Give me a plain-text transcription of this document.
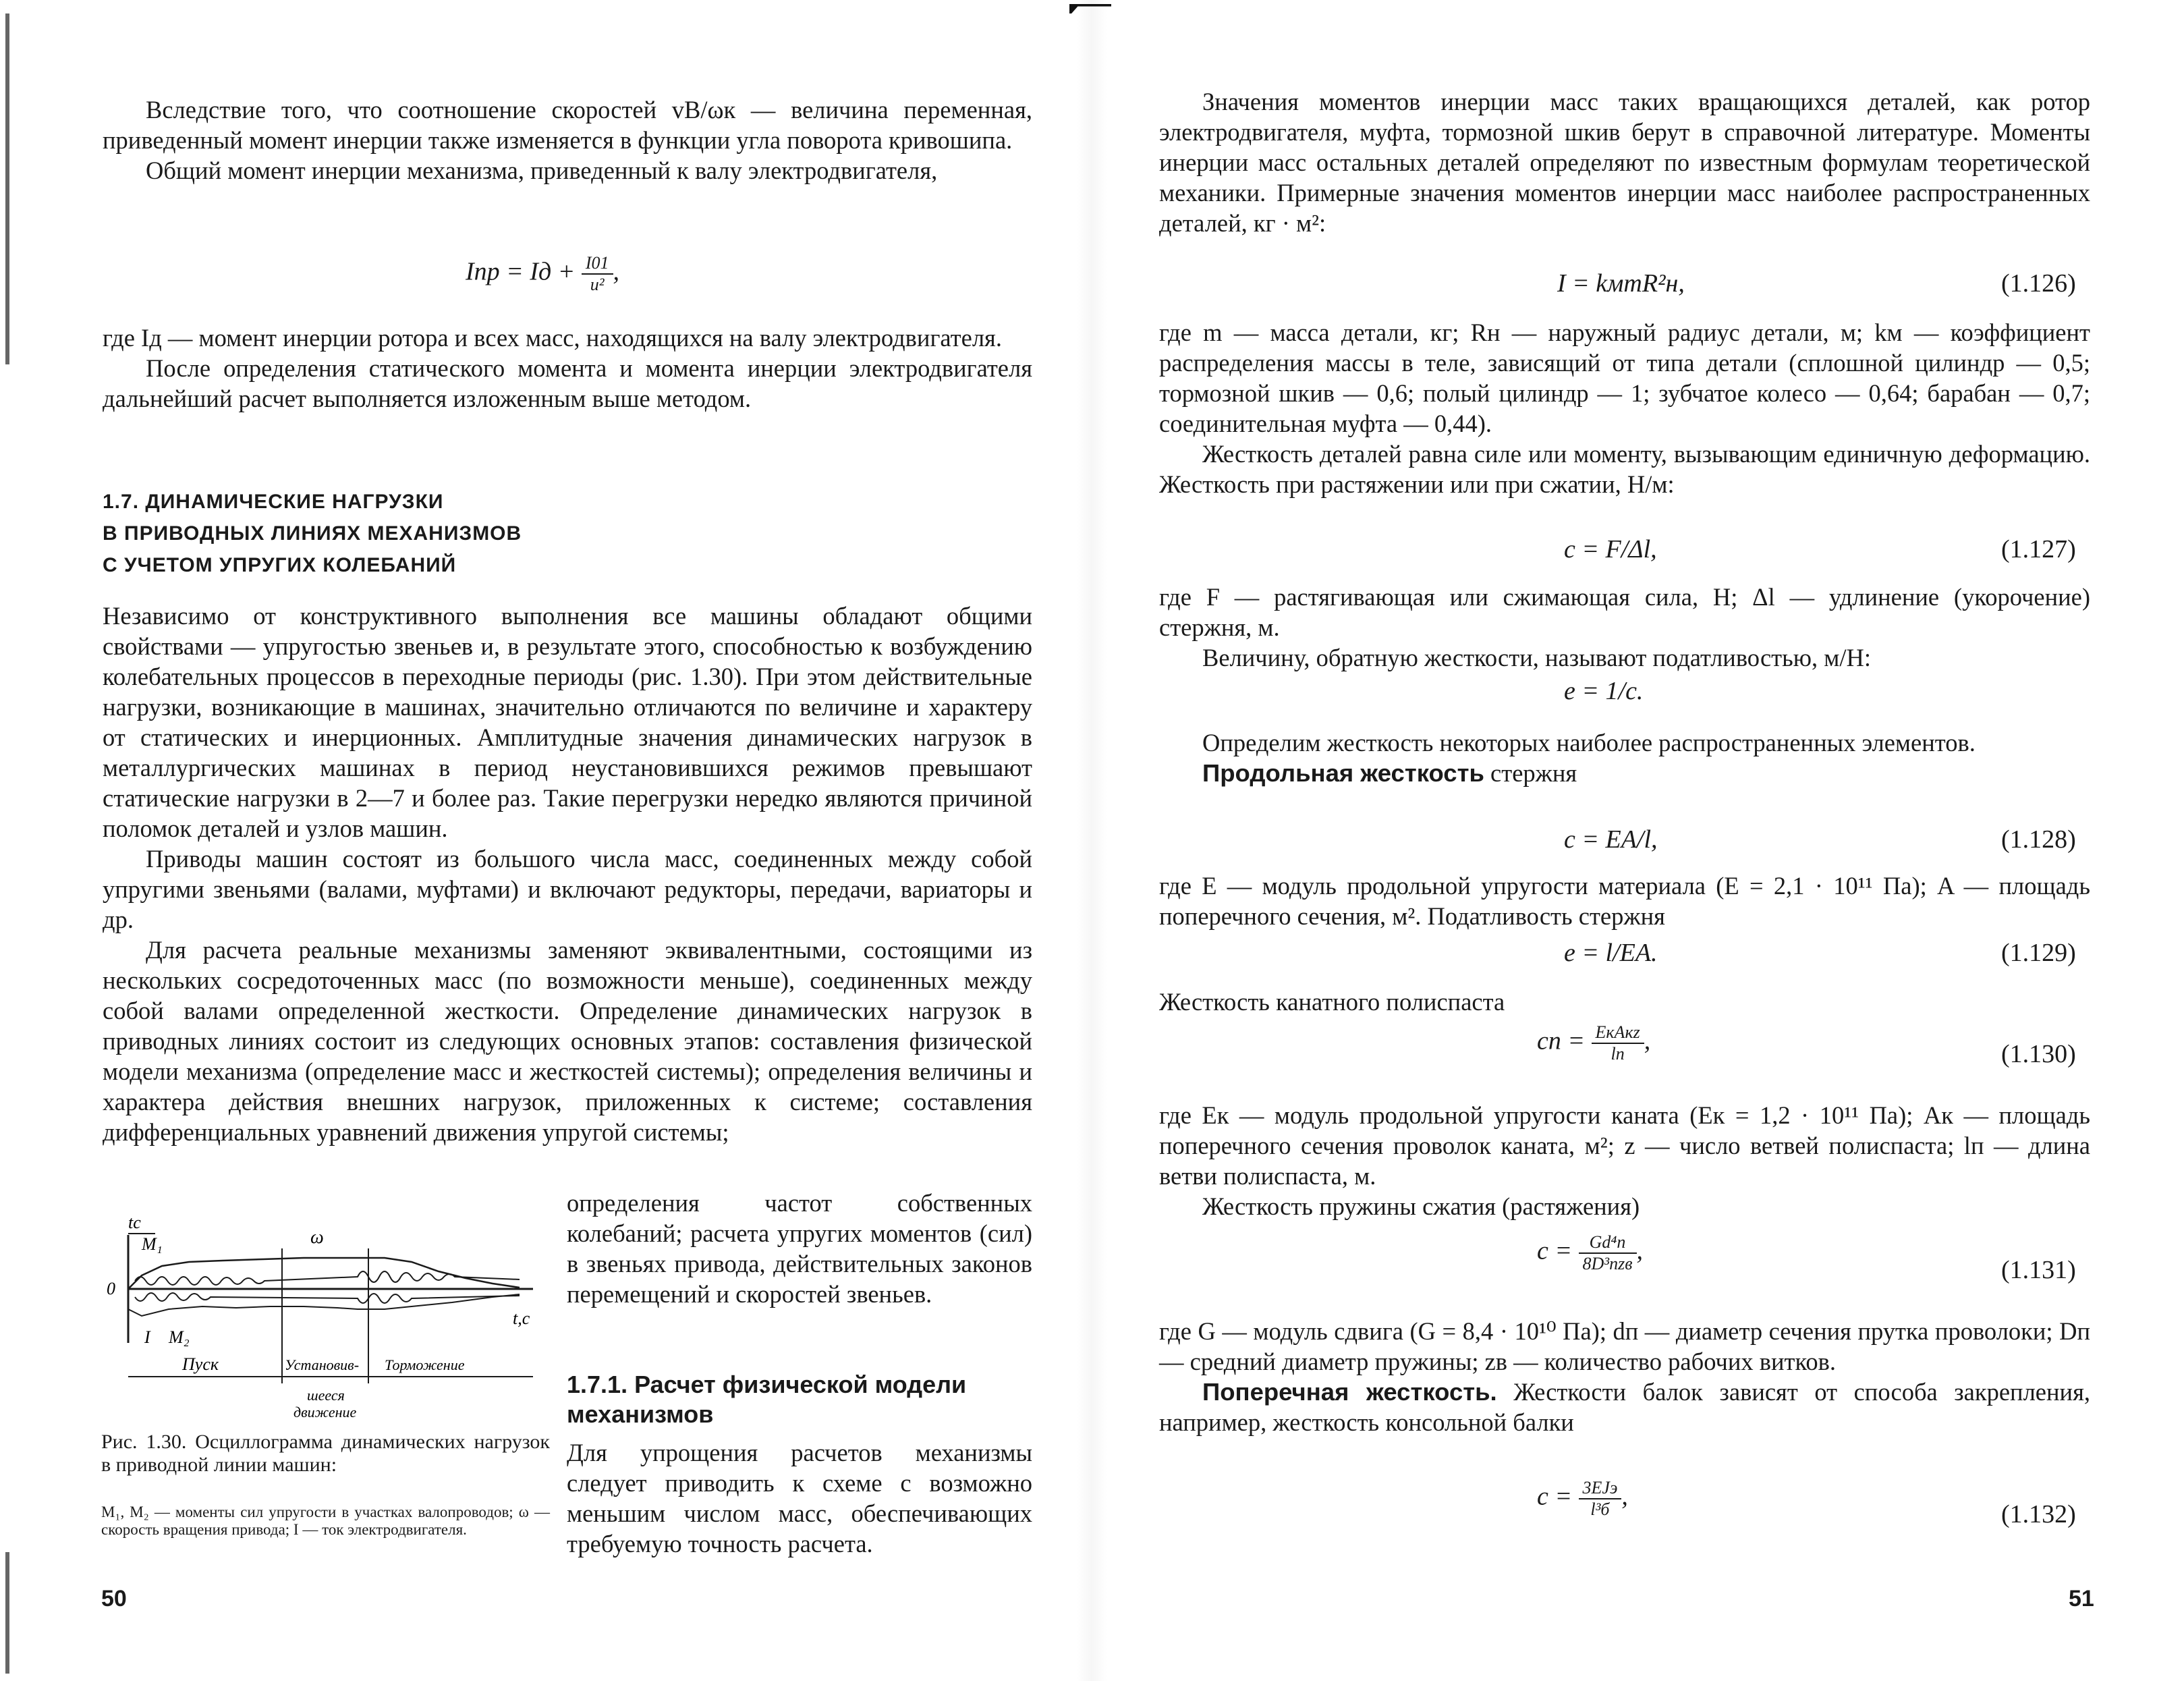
Вследствие того, что соотношение скоростей vB/ωк — величина переменная, приведенный момент инерции также изменяется в функции угла поворота кривошипа.

Общий момент инерции механизма, приведенный к валу электродвигателя,

Iпр = Iд + $\frac{I01}{\text{u²}}$ ,

где Iд — момент инерции ротора и всех масс, находящихся на валу электродвигателя.

После определения статического момента и момента инерции электродвигателя дальнейший расчет выполняется изложенным выше методом.

1.7. ДИНАМИЧЕСКИЕ НАГРУЗКИ
В ПРИВОДНЫХ ЛИНИЯХ МЕХАНИЗМОВ
С УЧЕТОМ УПРУГИХ КОЛЕБАНИЙ

Независимо от конструктивного выполнения все машины обладают общими свойствами — упругостью звеньев и, в результате этого, способностью к возбуждению колебательных процессов в переходные периоды (рис. 1.30). При этом действительные нагрузки, возникающие в машинах, значительно отличаются по величине и характеру от статических и инерционных. Амплитудные значения динамических нагрузок в металлургических машинах в период неустановившихся режимов превышают статические нагрузки в 2—7 и более раз. Такие перегрузки нередко являются причиной поломок деталей и узлов машин.

Приводы машин состоят из большого числа масс, соединенных между собой упругими звеньями (валами, муфтами) и включают редукторы, передачи, вариаторы и др.

Для расчета реальные механизмы заменяют эквивалентными, состоящими из нескольких сосредоточенных масс (по возможности меньше), соединенных между собой валами определенной жесткости. Определение динамических нагрузок в приводных линиях состоит из следующих основных этапов: составления физической модели механизма (определение масс и жесткостей системы); определения величины и характера действия внешних нагрузок, приложенных к системе; составления дифференциальных уравнений движения упругой системы;

определения частот собственных колебаний; расчета упругих моментов (сил) в звеньях привода, действительных законов перемещений и скоростей звеньев.

1.7.1. Расчет физической модели механизмов

Для упрощения расчетов механизмы следует приводить к схеме с возможно меньшим числом масс, обеспечивающих требуемую точность расчета.

tc
M₁	ω
0
t,c
I M₂
Пуск	Установив-
шееся
движение
Торможение
Рис. 1.30. Осциллограмма динамических нагрузок в приводной линии машин:
M₁, M₂ — моменты сил упругости в участках валопроводов; ω — скорость вращения привода; I — ток электродвигателя.
50

Значения моментов инерции масс таких вращающихся деталей, как ротор электродвигателя, муфта, тормозной шкив берут в справочной литературе. Моменты инерции масс остальных деталей определяют по известным формулам теоретической механики. Примерные значения моментов инерции масс наиболее распространенных деталей, кг · м²:

I = kмmR²н,	(1.126)

где m — масса детали, кг; Rн — наружный радиус детали, м; kм — коэффициент распределения массы в теле, зависящий от типа детали (сплошной цилиндр — 0,5; тормозной шкив — 0,6; полый цилиндр — 1; зубчатое колесо — 0,64; барабан — 0,7; соединительная муфта — 0,44).

Жесткость деталей равна силе или моменту, вызывающим единичную деформацию. Жесткость при растяжении или при сжатии, Н/м:

c = F/Δl,	(1.127)

где F — растягивающая или сжимающая сила, Н; Δl — удлинение (укорочение) стержня, м.

Величину, обратную жесткости, называют податливостью, м/Н:

e = 1/c.

Определим жесткость некоторых наиболее распространенных элементов.

Продольная жесткость стержня

c = EA/l,	(1.128)

где E — модуль продольной упругости материала (E = 2,1 · 10¹¹ Па); A — площадь поперечного сечения, м². Податливость стержня

e = l/EA.	(1.129)

Жесткость канатного полиспаста

cп = $\frac{\text{EкAкz}}{lп}$ ,	(1.130)

где Eк — модуль продольной упругости каната (Eк = 1,2 · 10¹¹ Па); Aк — площадь поперечного сечения проволок каната, м²; z — число ветвей полиспаста; lп — длина ветви полиспаста, м.

Жесткость пружины сжатия (растяжения)

$c = \frac{\text{Gd⁴п}}{\text{8D³пzв}}$ ,
(1.131)

где G — модуль сдвига (G = 8,4 · 10¹⁰ Па); dп — диаметр сечения прутка проволоки; Dп — средний диаметр пружины; zв — количество рабочих витков.

Поперечная жесткость. Жесткости балок зависят от способа закрепления, например, жесткость консольной балки

$c = \frac{\text{3EJэ}}{\text{l³б}}$ ,
(1.132)
51
